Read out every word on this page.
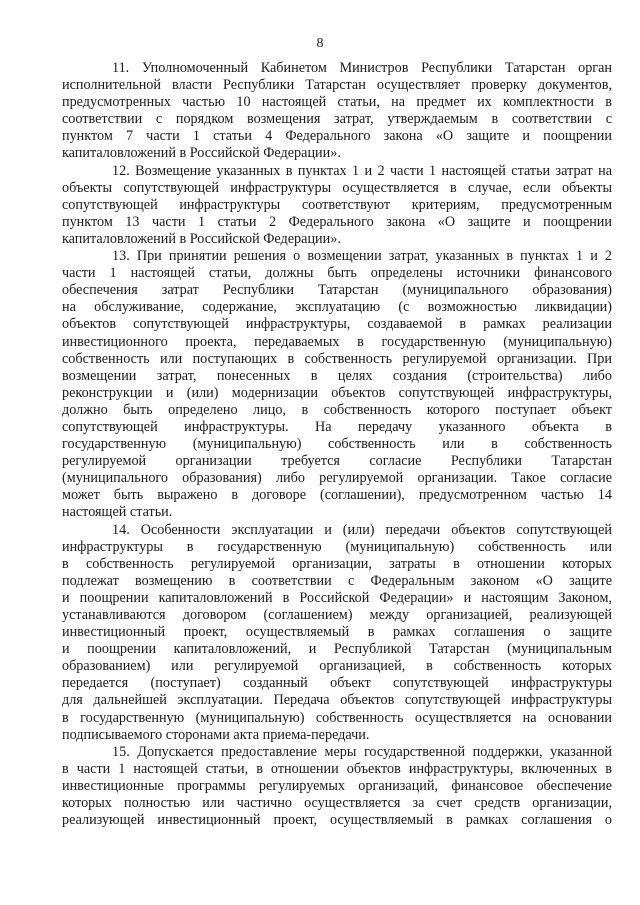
8
11. Уполномоченный Кабинетом Министров Республики Татарстан орган
исполнительной власти Республики Татарстан осуществляет проверку документов,
предусмотренных частью 10 настоящей статьи, на предмет их комплектности в
соответствии с порядком возмещения затрат, утверждаемым в соответствии с
пунктом 7 части 1 статьи 4 Федерального закона «О защите и поощрении
капиталовложений в Российской Федерации».
12. Возмещение указанных в пунктах 1 и 2 части 1 настоящей статьи затрат на
объекты сопутствующей инфраструктуры осуществляется в случае, если объекты
сопутствующей инфраструктуры соответствуют критериям, предусмотренным
пунктом 13 части 1 статьи 2 Федерального закона «О защите и поощрении
капиталовложений в Российской Федерации».
13. При принятии решения о возмещении затрат, указанных в пунктах 1 и 2
части 1 настоящей статьи, должны быть определены источники финансового
обеспечения затрат Республики Татарстан (муниципального образования)
на обслуживание, содержание, эксплуатацию (с возможностью ликвидации)
объектов сопутствующей инфраструктуры, создаваемой в рамках реализации
инвестиционного проекта, передаваемых в государственную (муниципальную)
собственность или поступающих в собственность регулируемой организации. При
возмещении затрат, понесенных в целях создания (строительства) либо
реконструкции и (или) модернизации объектов сопутствующей инфраструктуры,
должно быть определено лицо, в собственность которого поступает объект
сопутствующей инфраструктуры. На передачу указанного объекта в
государственную (муниципальную) собственность или в собственность
регулируемой организации требуется согласие Республики Татарстан
(муниципального образования) либо регулируемой организации. Такое согласие
может быть выражено в договоре (соглашении), предусмотренном частью 14
настоящей статьи.
14. Особенности эксплуатации и (или) передачи объектов сопутствующей
инфраструктуры в государственную (муниципальную) собственность или
в собственность регулируемой организации, затраты в отношении которых
подлежат возмещению в соответствии с Федеральным законом «О защите
и поощрении капиталовложений в Российской Федерации» и настоящим Законом,
устанавливаются договором (соглашением) между организацией, реализующей
инвестиционный проект, осуществляемый в рамках соглашения о защите
и поощрении капиталовложений, и Республикой Татарстан (муниципальным
образованием) или регулируемой организацией, в собственность которых
передается (поступает) созданный объект сопутствующей инфраструктуры
для дальнейшей эксплуатации. Передача объектов сопутствующей инфраструктуры
в государственную (муниципальную) собственность осуществляется на основании
подписываемого сторонами акта приема-передачи.
15. Допускается предоставление меры государственной поддержки, указанной
в части 1 настоящей статьи, в отношении объектов инфраструктуры, включенных в
инвестиционные программы регулируемых организаций, финансовое обеспечение
которых полностью или частично осуществляется за счет средств организации,
реализующей инвестиционный проект, осуществляемый в рамках соглашения о
